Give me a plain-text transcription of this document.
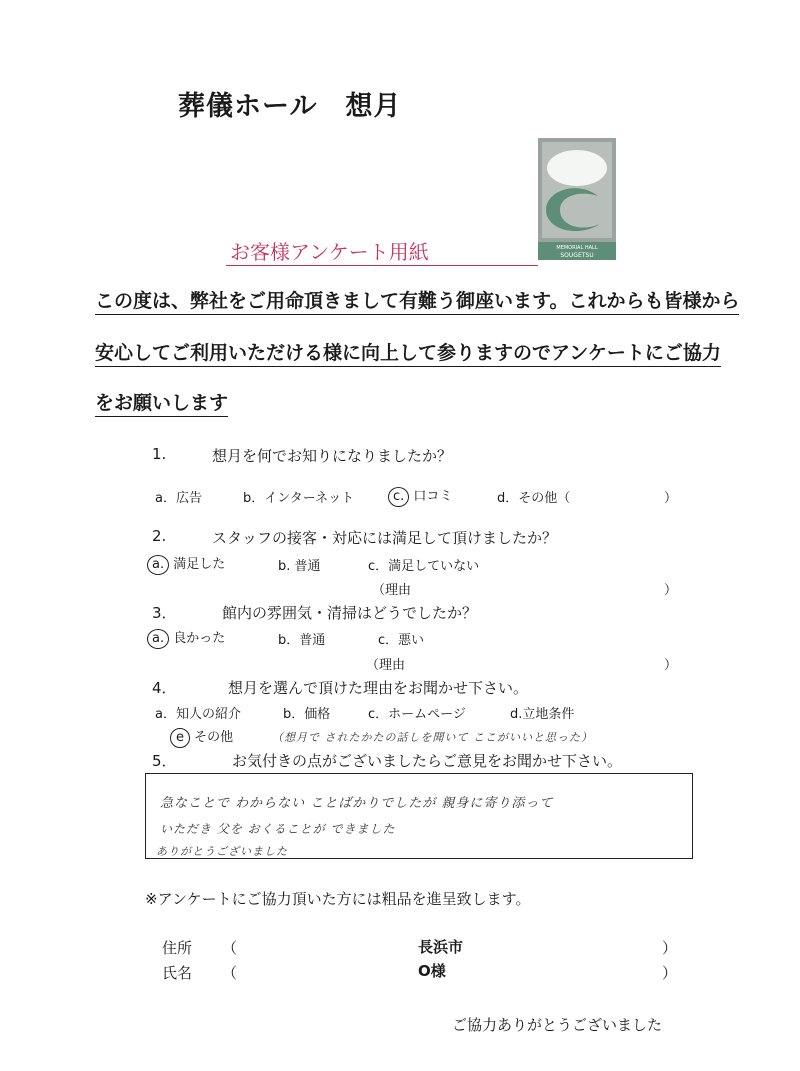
葬儀ホール　想月
MEMORIAL HALL
SOUGETSU
お客様アンケート用紙
この度は、弊社をご用命頂きまして有難う御座います。これからも皆様から
安心してご利用いただける様に向上して参りますのでアンケートにご協力
をお願いします
1.	想月を何でお知りになりましたか？
a．広告	b．インターネット	c. 口コミ	d．その他（	）
2.	スタッフの接客・対応には満足して頂けましたか？
a. 満足した	b. 普通	c．満足していない
（理由	）
3．	館内の雰囲気・清掃はどうでしたか？
a. 良かった	b．普通	c．悪い
（理由	）
4．	想月を選んで頂けた理由をお聞かせ下さい。
a．知人の紹介	b．価格	c．ホームページ	d.立地条件
e その他	（想月で されたかたの話しを聞いて ここがいいと思った）
5．	お気付きの点がございましたらご意見をお聞かせ下さい。
急なことで わからない ことばかりでしたが 親身に寄り添って
いただき 父を おくることが できました
ありがとうございました
※アンケートにご協力頂いた方には粗品を進呈致します。
住所 （	長浜市	）
氏名 （	O様	）
ご協力ありがとうございました
